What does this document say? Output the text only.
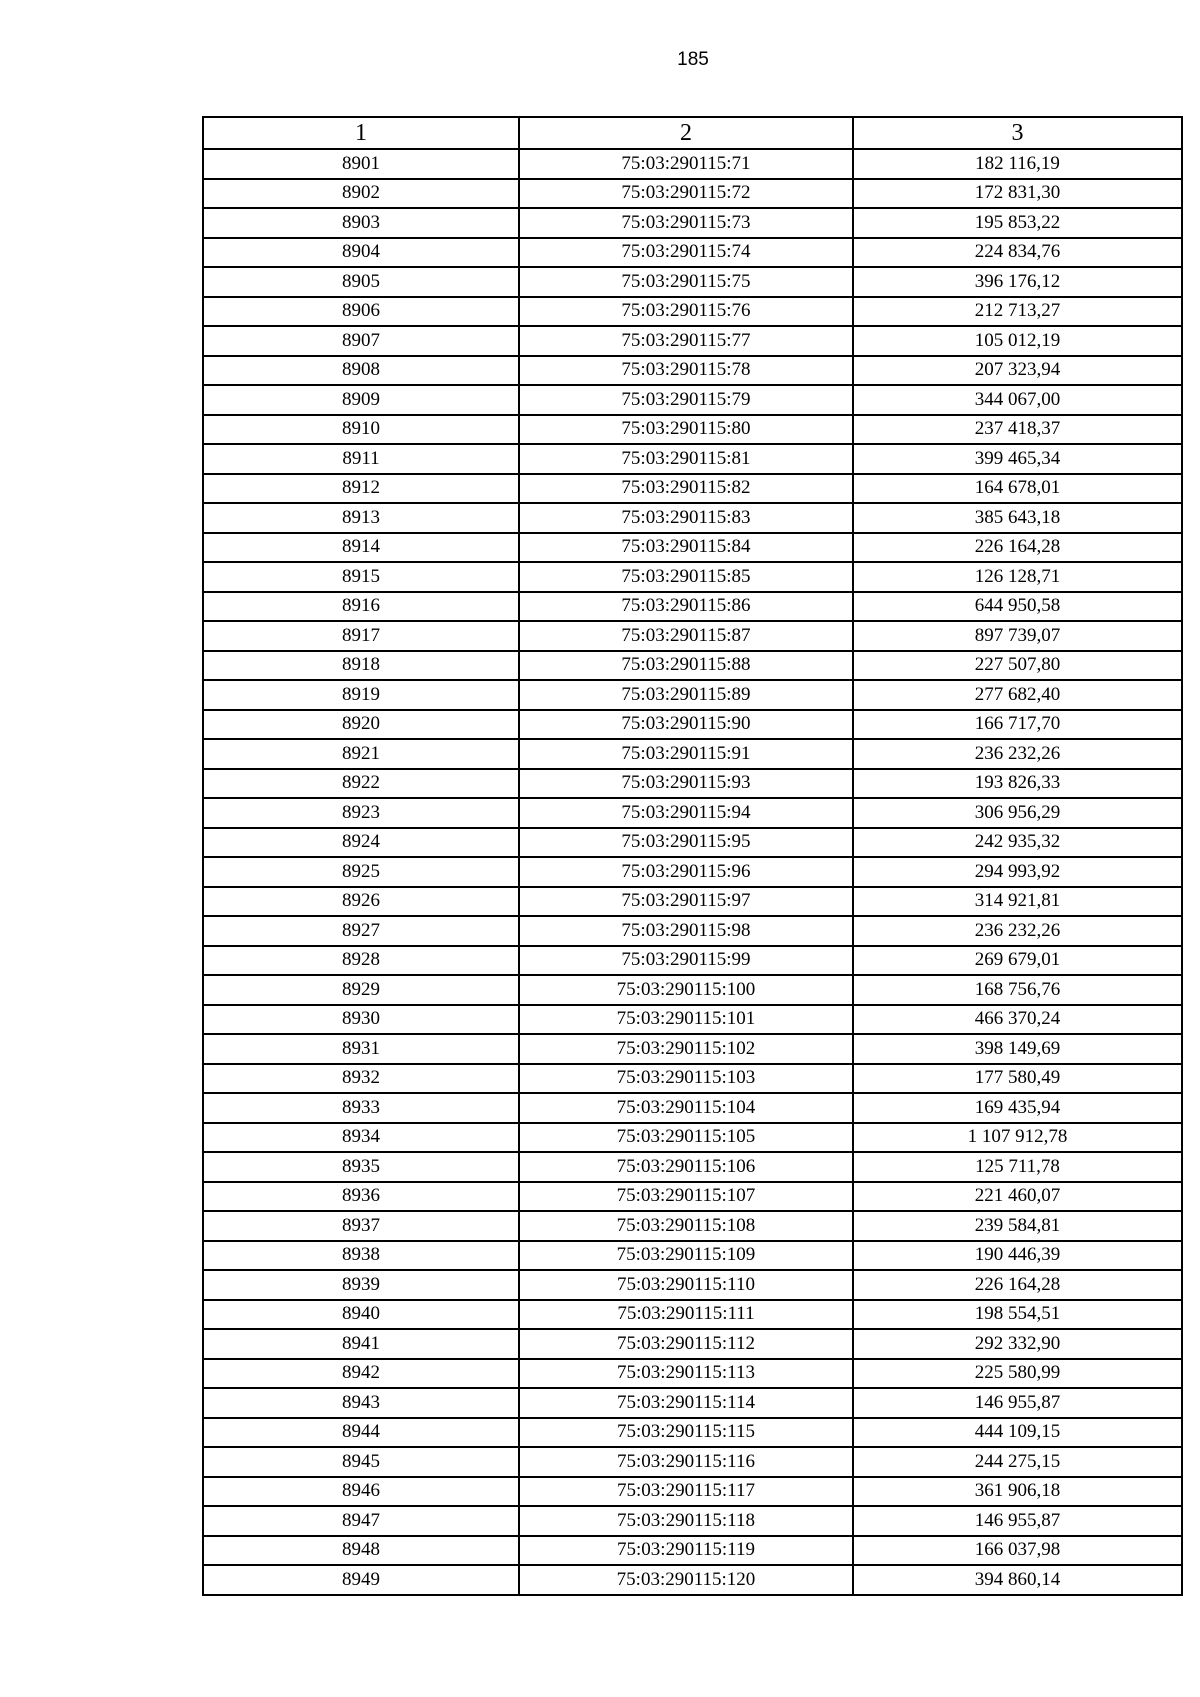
185
1	2	3
8901	75:03:290115:71	182 116,19
8902	75:03:290115:72	172 831,30
8903	75:03:290115:73	195 853,22
8904	75:03:290115:74	224 834,76
8905	75:03:290115:75	396 176,12
8906	75:03:290115:76	212 713,27
8907	75:03:290115:77	105 012,19
8908	75:03:290115:78	207 323,94
8909	75:03:290115:79	344 067,00
8910	75:03:290115:80	237 418,37
8911	75:03:290115:81	399 465,34
8912	75:03:290115:82	164 678,01
8913	75:03:290115:83	385 643,18
8914	75:03:290115:84	226 164,28
8915	75:03:290115:85	126 128,71
8916	75:03:290115:86	644 950,58
8917	75:03:290115:87	897 739,07
8918	75:03:290115:88	227 507,80
8919	75:03:290115:89	277 682,40
8920	75:03:290115:90	166 717,70
8921	75:03:290115:91	236 232,26
8922	75:03:290115:93	193 826,33
8923	75:03:290115:94	306 956,29
8924	75:03:290115:95	242 935,32
8925	75:03:290115:96	294 993,92
8926	75:03:290115:97	314 921,81
8927	75:03:290115:98	236 232,26
8928	75:03:290115:99	269 679,01
8929	75:03:290115:100	168 756,76
8930	75:03:290115:101	466 370,24
8931	75:03:290115:102	398 149,69
8932	75:03:290115:103	177 580,49
8933	75:03:290115:104	169 435,94
8934	75:03:290115:105	1 107 912,78
8935	75:03:290115:106	125 711,78
8936	75:03:290115:107	221 460,07
8937	75:03:290115:108	239 584,81
8938	75:03:290115:109	190 446,39
8939	75:03:290115:110	226 164,28
8940	75:03:290115:111	198 554,51
8941	75:03:290115:112	292 332,90
8942	75:03:290115:113	225 580,99
8943	75:03:290115:114	146 955,87
8944	75:03:290115:115	444 109,15
8945	75:03:290115:116	244 275,15
8946	75:03:290115:117	361 906,18
8947	75:03:290115:118	146 955,87
8948	75:03:290115:119	166 037,98
8949	75:03:290115:120	394 860,14
